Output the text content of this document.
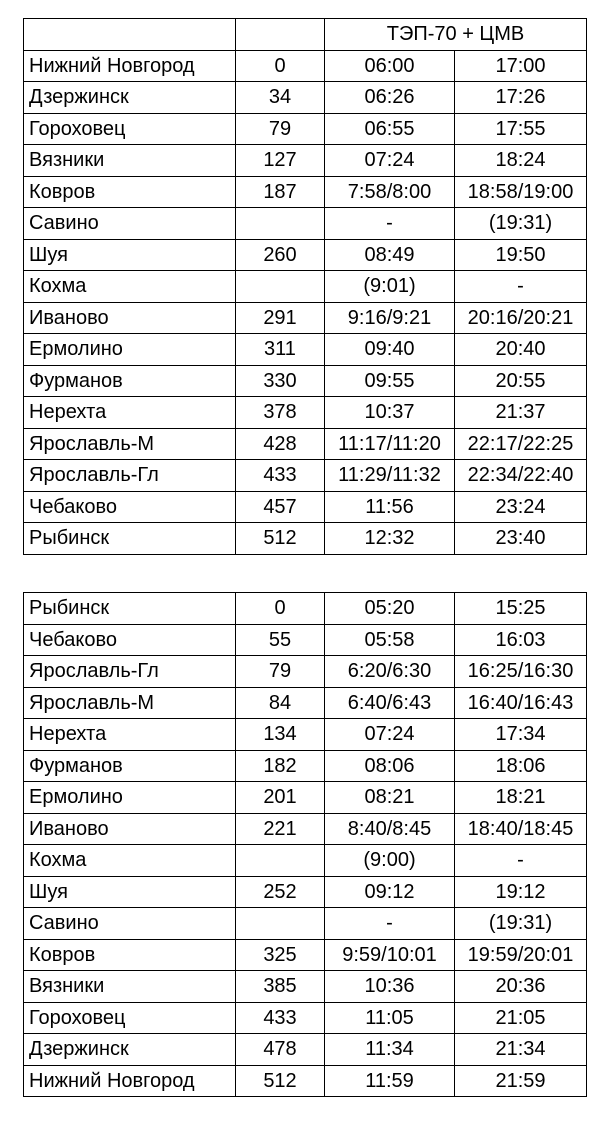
		ТЭП-70 + ЦМВ	
Нижний Новгород	0	06:00	17:00
Дзержинск	34	06:26	17:26
Гороховец	79	06:55	17:55
Вязники	127	07:24	18:24
Ковров	187	7:58/8:00	18:58/19:00
Савино		-	(19:31)
Шуя	260	08:49	19:50
Кохма		(9:01)	-
Иваново	291	9:16/9:21	20:16/20:21
Ермолино	311	09:40	20:40
Фурманов	330	09:55	20:55
Нерехта	378	10:37	21:37
Ярославль-М	428	11:17/11:20	22:17/22:25
Ярославль-Гл	433	11:29/11:32	22:34/22:40
Чебаково	457	11:56	23:24
Рыбинск	512	12:32	23:40
Рыбинск	0	05:20	15:25
Чебаково	55	05:58	16:03
Ярославль-Гл	79	6:20/6:30	16:25/16:30
Ярославль-М	84	6:40/6:43	16:40/16:43
Нерехта	134	07:24	17:34
Фурманов	182	08:06	18:06
Ермолино	201	08:21	18:21
Иваново	221	8:40/8:45	18:40/18:45
Кохма		(9:00)	-
Шуя	252	09:12	19:12
Савино		-	(19:31)
Ковров	325	9:59/10:01	19:59/20:01
Вязники	385	10:36	20:36
Гороховец	433	11:05	21:05
Дзержинск	478	11:34	21:34
Нижний Новгород	512	11:59	21:59
